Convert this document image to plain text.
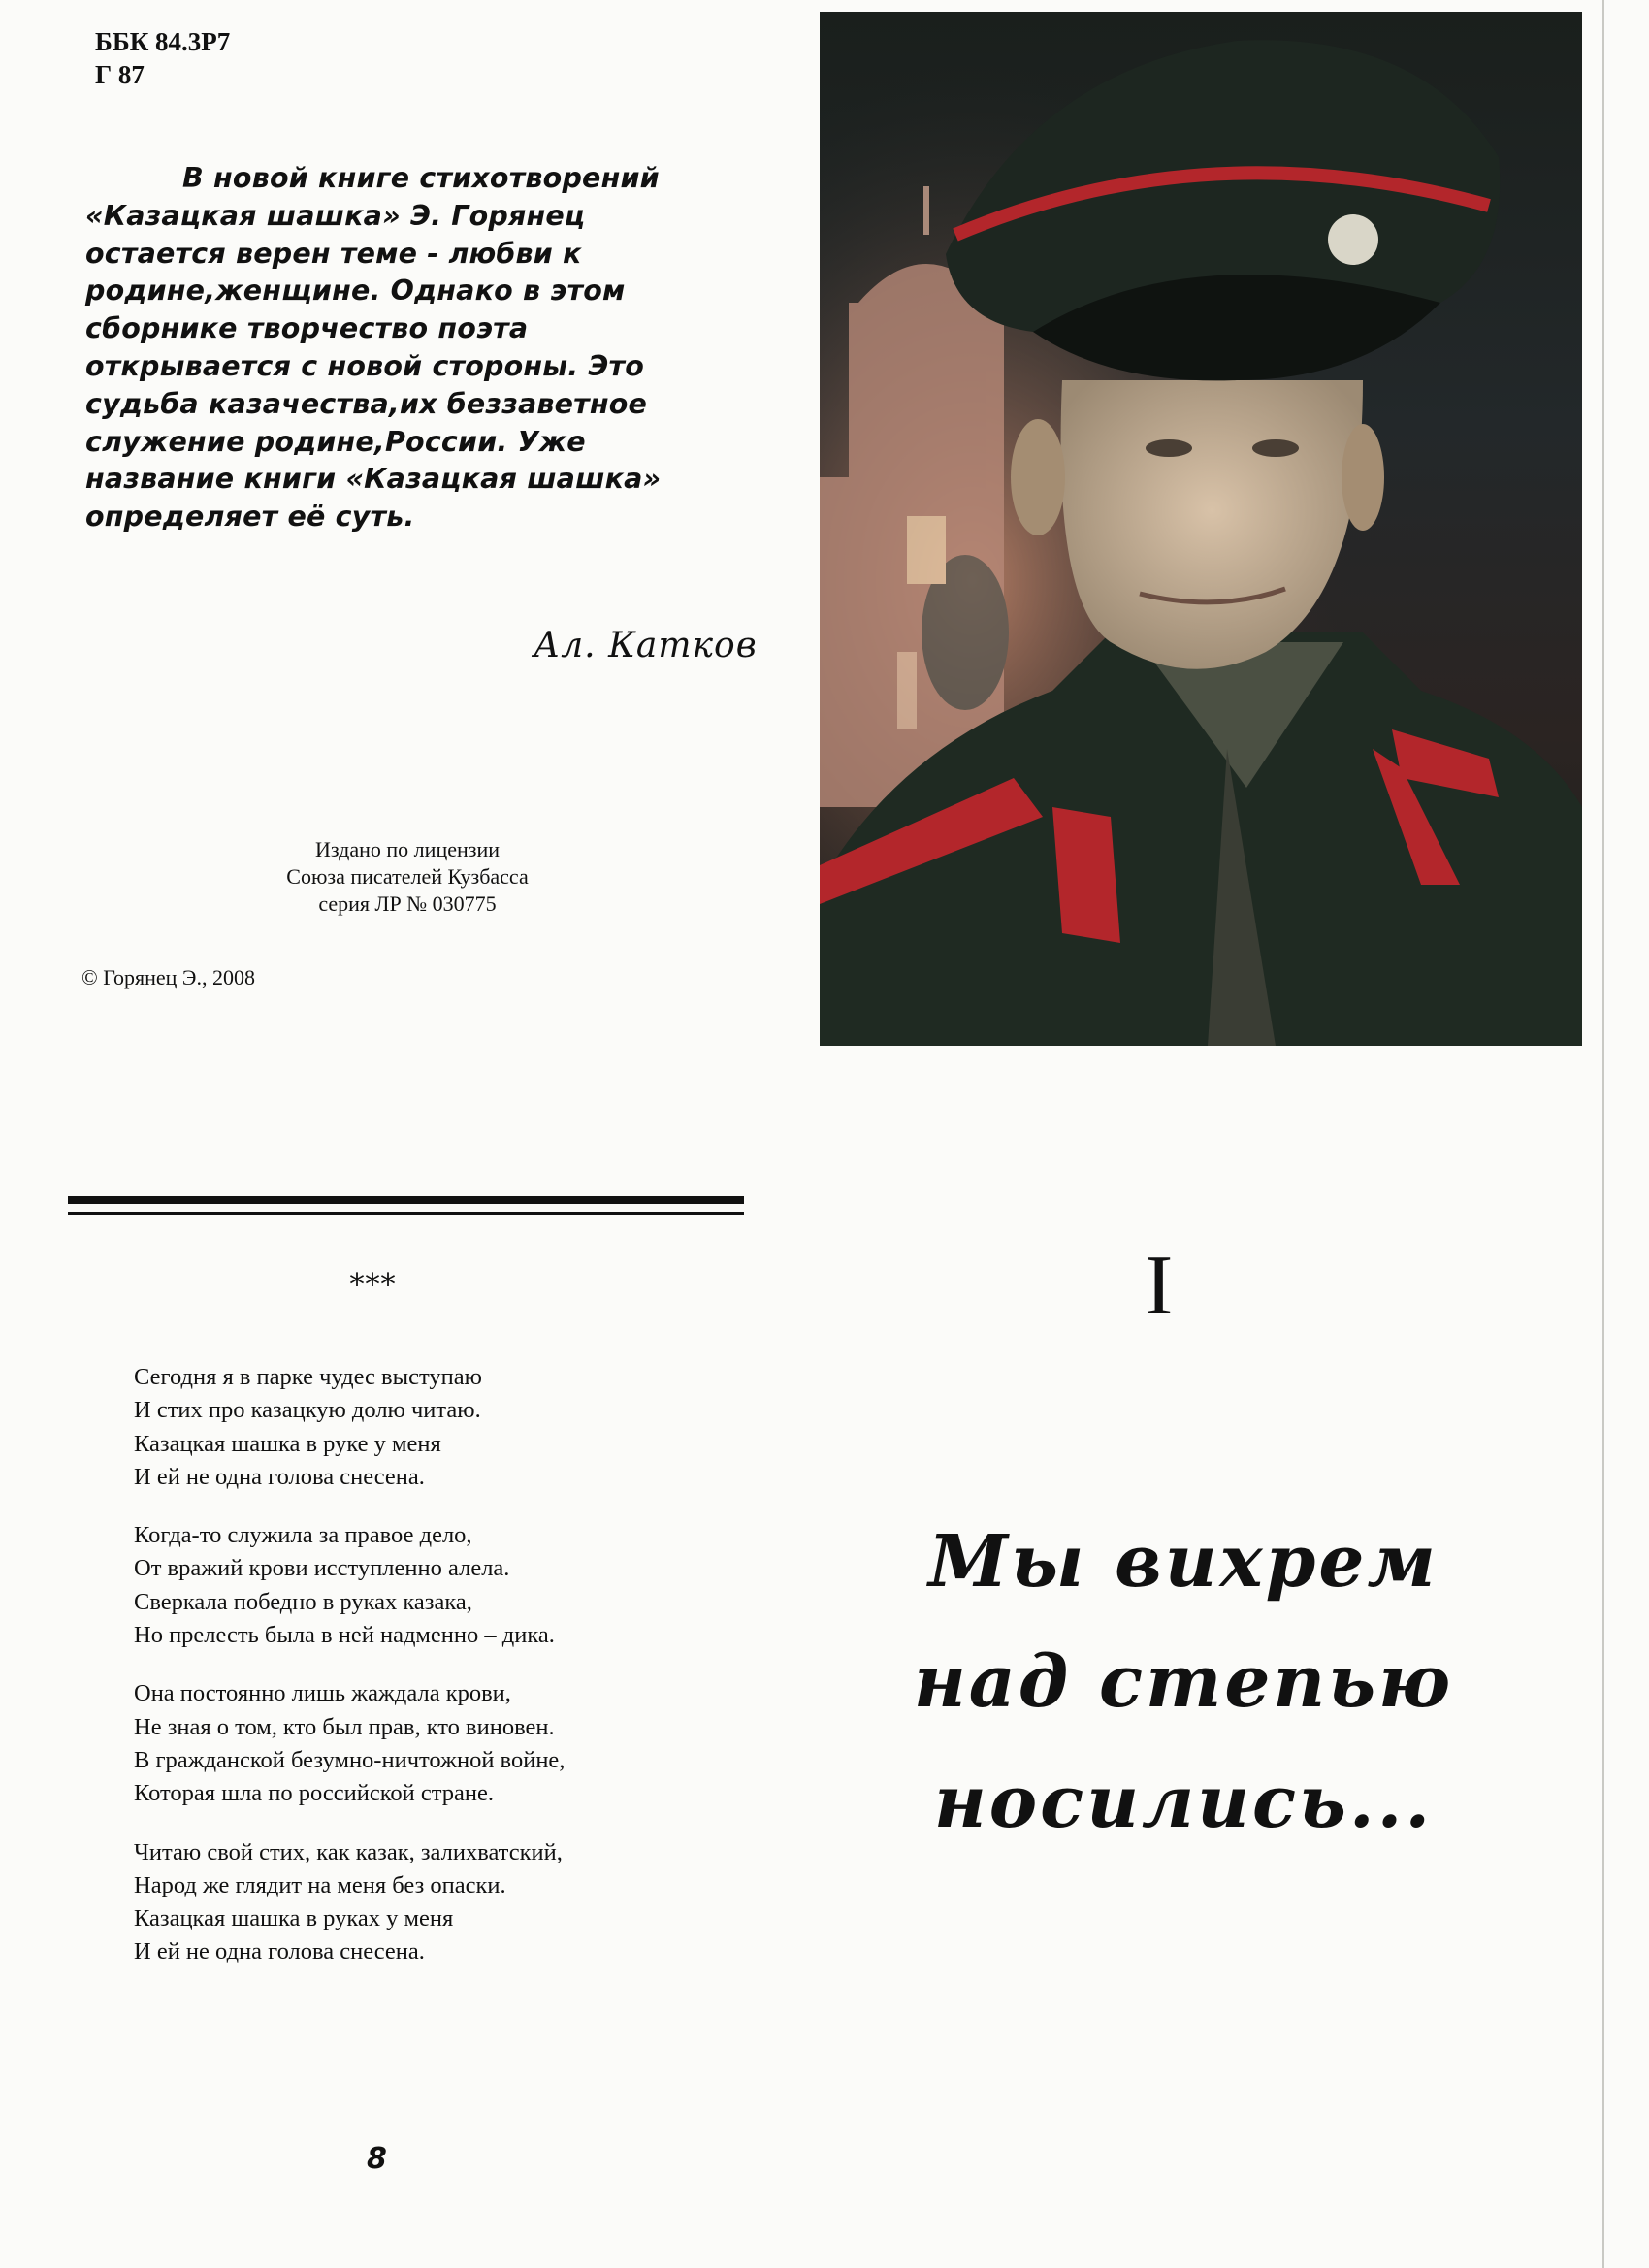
ББК 84.3Р7
Г 87
В новой книге стихотворений
«Казацкая шашка» Э. Горянец
остается верен теме - любви к
родине,женщине. Однако в этом
сборнике творчество поэта
открывается с новой стороны. Это
судьба казачества,их беззаветное
служение родине,России. Уже
название книги «Казацкая шашка»
определяет её суть.
Ал. Катков
Издано по лицензии
Союза писателей Кузбасса
серия ЛР № 030775
© Горянец Э., 2008
***
Сегодня я в парке чудес выступаю
И стих про казацкую долю читаю.
Казацкая шашка в руке у меня
И ей не одна голова снесена.
Когда-то служила за правое дело,
От вражий крови исступленно алела.
Сверкала победно в руках казака,
Но прелесть была в ней надменно – дика.
Она постоянно лишь жаждала крови,
Не зная о том, кто был прав, кто виновен.
В гражданской безумно-ничтожной войне,
Которая шла по российской стране.
Читаю свой стих, как казак, залихватский,
Народ же глядит на меня без опаски.
Казацкая шашка в руках у меня
И ей не одна голова снесена.
8
I
Мы вихрем
над степью
носились...
